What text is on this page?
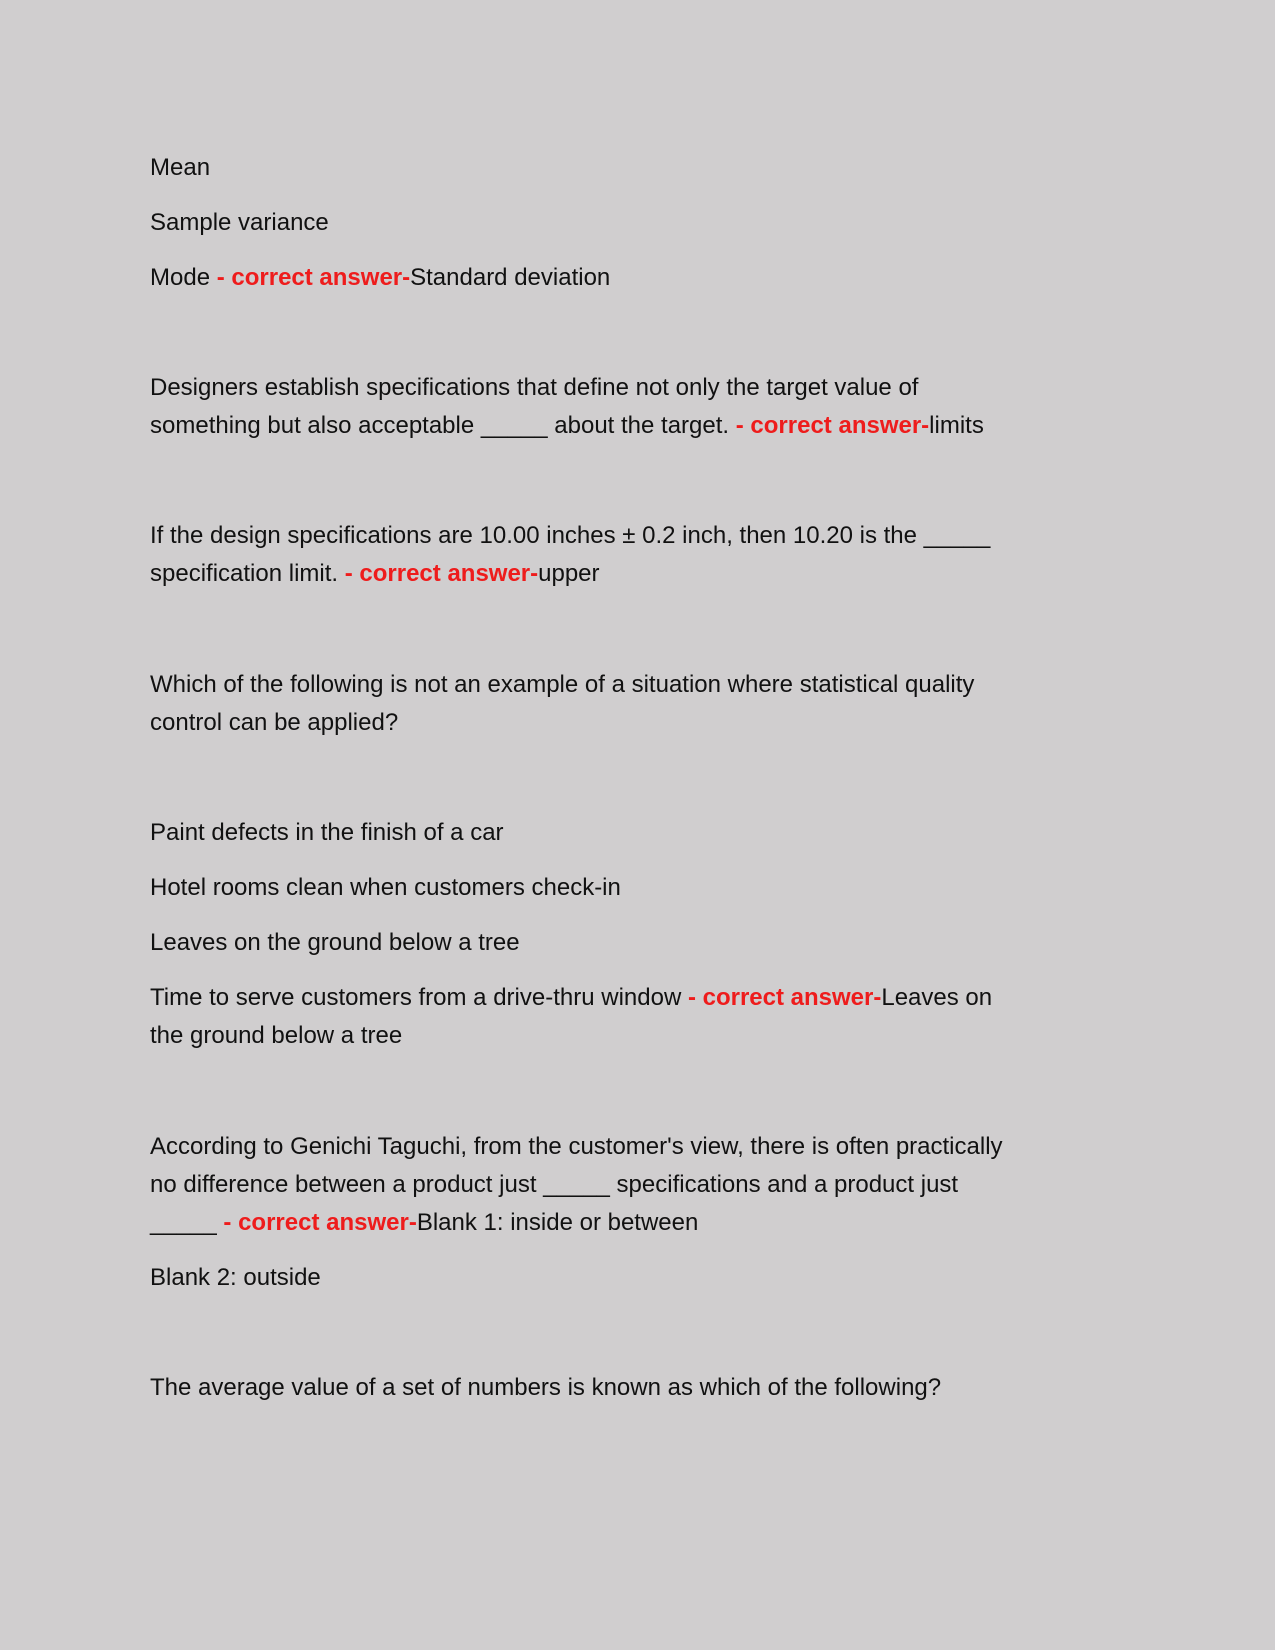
Mean

Sample variance

Mode - correct answer-Standard deviation

Designers establish specifications that define not only the target value of

something but also acceptable _____ about the target. - correct answer-limits

If the design specifications are 10.00 inches ± 0.2 inch, then 10.20 is the _____

specification limit. - correct answer-upper

Which of the following is not an example of a situation where statistical quality

control can be applied?

Paint defects in the finish of a car

Hotel rooms clean when customers check-in

Leaves on the ground below a tree

Time to serve customers from a drive-thru window - correct answer-Leaves on

the ground below a tree

According to Genichi Taguchi, from the customer's view, there is often practically

no difference between a product just _____ specifications and a product just

_____ - correct answer-Blank 1: inside or between

Blank 2: outside

The average value of a set of numbers is known as which of the following?
